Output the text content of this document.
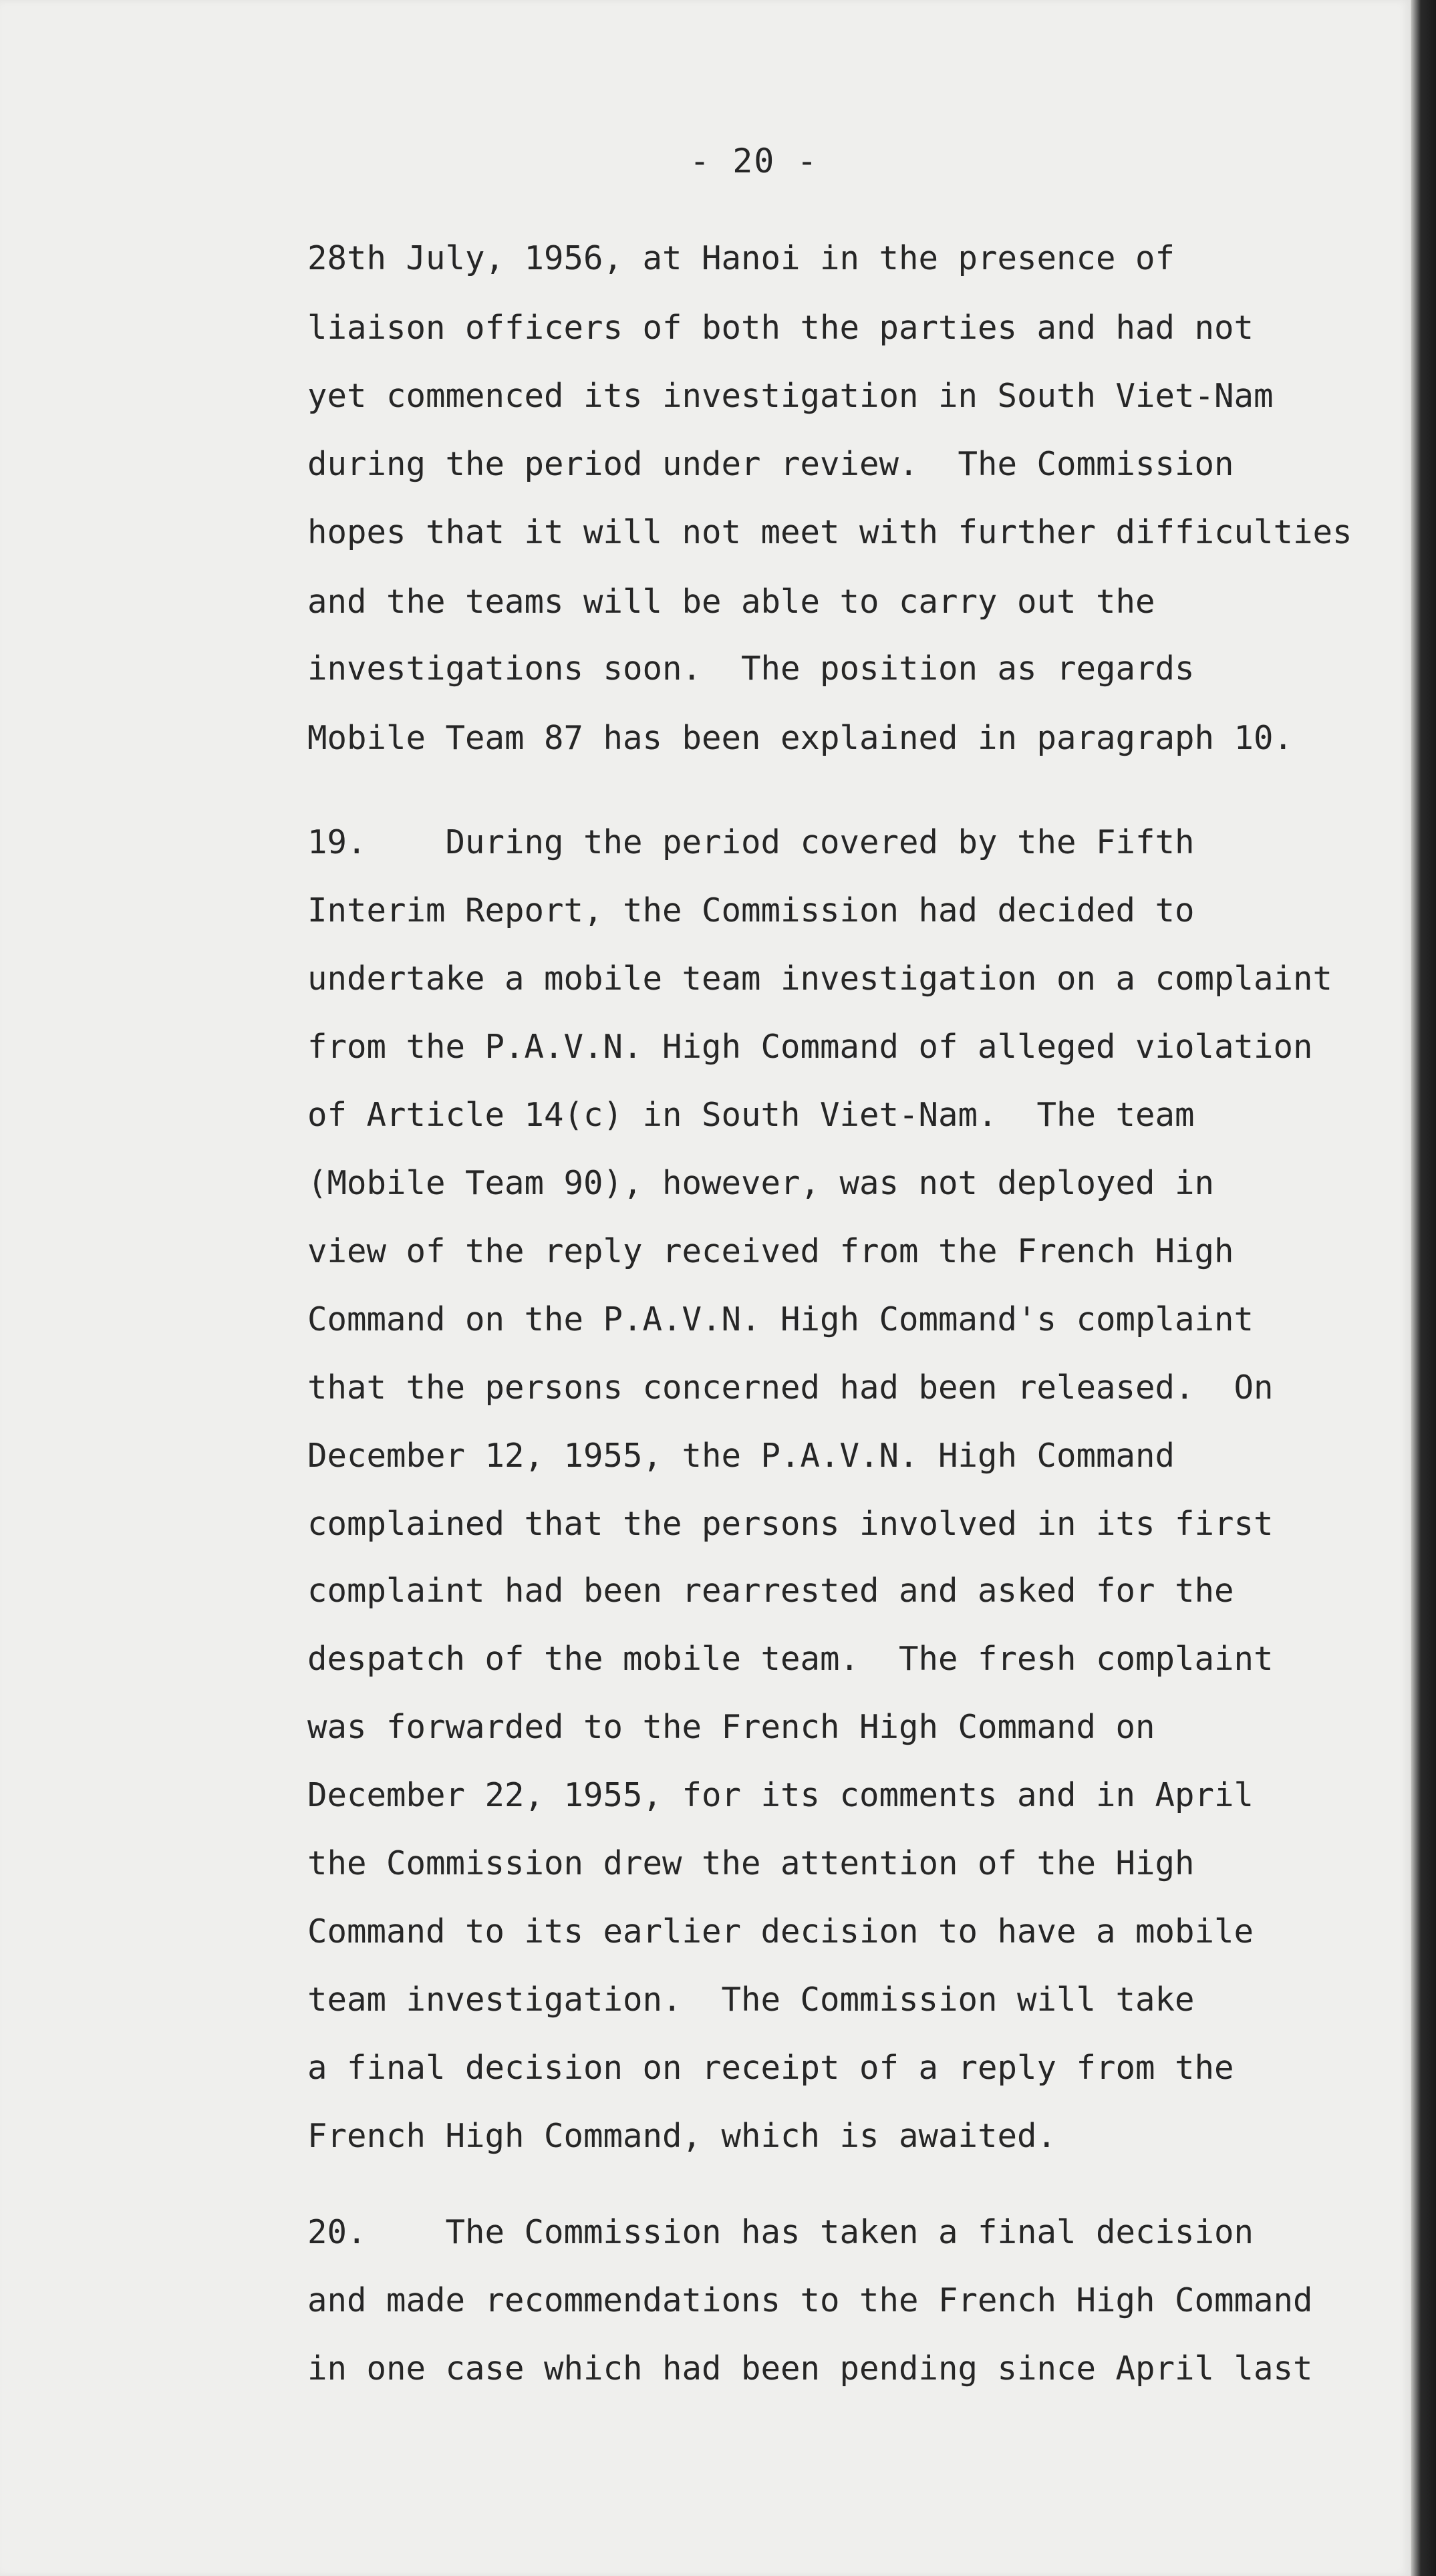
- 20 -
28th July, 1956, at Hanoi in the presence of
liaison officers of both the parties and had not
yet commenced its investigation in South Viet-Nam
during the period under review.  The Commission
hopes that it will not meet with further difficulties
and the teams will be able to carry out the
investigations soon.  The position as regards
Mobile Team 87 has been explained in paragraph 10.
19.    During the period covered by the Fifth
Interim Report, the Commission had decided to
undertake a mobile team investigation on a complaint
from the P.A.V.N. High Command of alleged violation
of Article 14(c) in South Viet-Nam.  The team
(Mobile Team 90), however, was not deployed in
view of the reply received from the French High
Command on the P.A.V.N. High Command's complaint
that the persons concerned had been released.  On
December 12, 1955, the P.A.V.N. High Command
complained that the persons involved in its first
complaint had been rearrested and asked for the
despatch of the mobile team.  The fresh complaint
was forwarded to the French High Command on
December 22, 1955, for its comments and in April
the Commission drew the attention of the High
Command to its earlier decision to have a mobile
team investigation.  The Commission will take
a final decision on receipt of a reply from the
French High Command, which is awaited.
20.    The Commission has taken a final decision
and made recommendations to the French High Command
in one case which had been pending since April last
